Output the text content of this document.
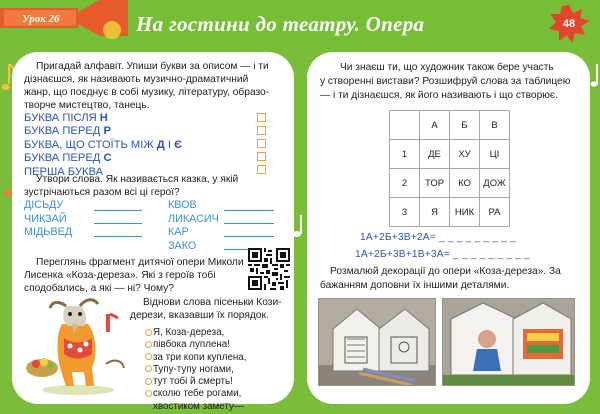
Урок 26	На гостини до театру. Опера	48
Пригадай алфавіт. Упиши букви за описом — і ти
дізнаєшся, як називають музично-драматичний
жанр, що поєднує в собі музику, літературу, образо-
творче мистецтво, танець.
БУКВА ПІСЛЯ Н
БУКВА ПЕРЕД Р
БУКВА, ЩО СТОЇТЬ МІЖ Д І Є
БУКВА ПЕРЕД С
ПЕРША БУКВА
Утвори слова. Як називається казка, у якій
зустрічаються разом всі ці герої?
ДІСЬДУ
ЧИКЗАЙ
МІДЬВЕД
КВОВ
ЛИКАСИЧ
КАР
ЗАКО
Переглянь фрагмент дитячої опери Миколи
Лисенка «Коза-дереза». Які з героїв тобі
сподобались, а які — ні? Чому?
Віднови слова пісеньки Кози-
дерези, вказавши їх порядок.
Я, Коза-дереза,
півбока луплена!
за три копи куплена,
Тупу-тупу ногами,
тут тобі й смерть!
сколю тебе рогами,
хвостиком замету—
Чи знаєш ти, що художник також бере участь
у створенні вистави? Розшифруй слова за таблицею
— і ти дізнаєшся, як його називають і що створює.
	А	Б	В
1	ДЕ	ХУ	ЦІ
2	ТОР	КО	ДОЖ
3	Я	НИК	РА
1А+2Б+3В+2А= _ _ _ _ _ _ _ _ _
1А+2Б+3В+1В+3А= _ _ _ _ _ _ _ _ _
Розмалюй декорації до опери «Коза-дереза». За
бажанням доповни їх іншими деталями.
